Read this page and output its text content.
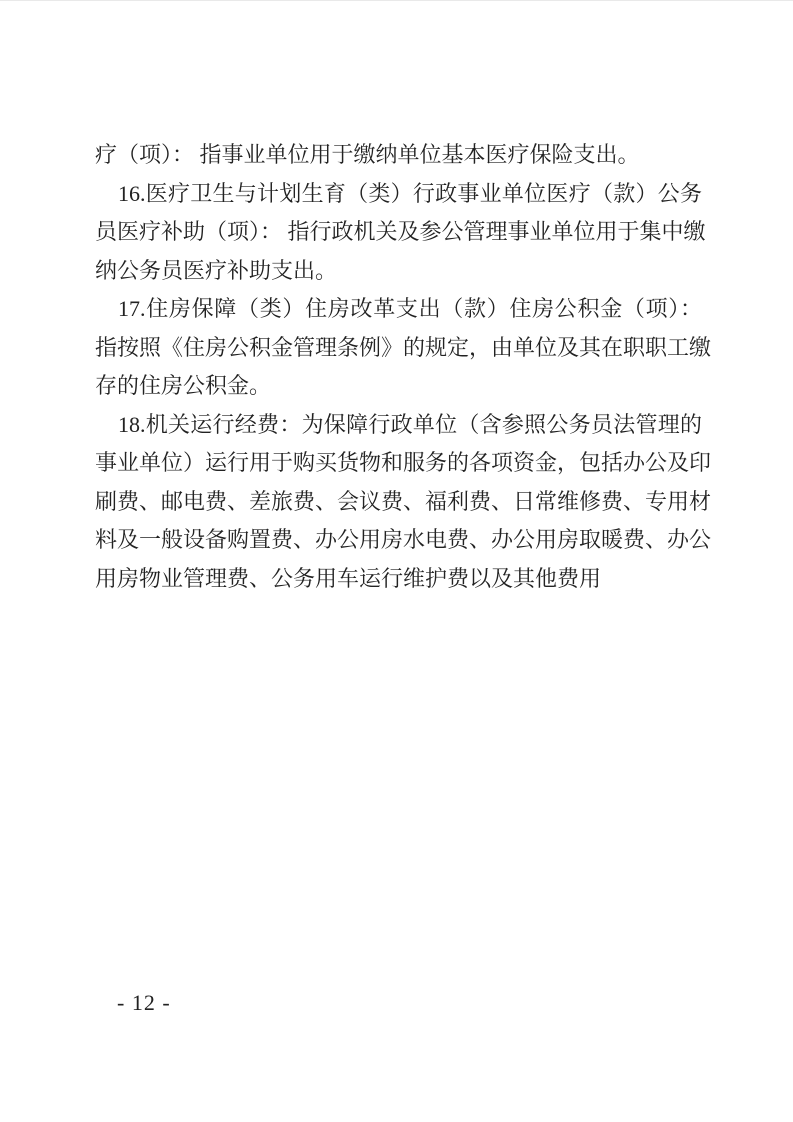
疗（项）： 指事业单位用于缴纳单位基本医疗保险支出。
16.医疗卫生与计划生育（类）行政事业单位医疗（款）公务
员医疗补助（项）： 指行政机关及参公管理事业单位用于集中缴
纳公务员医疗补助支出。
17.住房保障（类）住房改革支出（款）住房公积金（项）：
指按照《住房公积金管理条例》的规定，由单位及其在职职工缴
存的住房公积金。
18.机关运行经费：为保障行政单位（含参照公务员法管理的
事业单位）运行用于购买货物和服务的各项资金，包括办公及印
刷费、邮电费、差旅费、会议费、福利费、日常维修费、专用材
料及一般设备购置费、办公用房水电费、办公用房取暖费、办公
用房物业管理费、公务用车运行维护费以及其他费用
- 12 -
